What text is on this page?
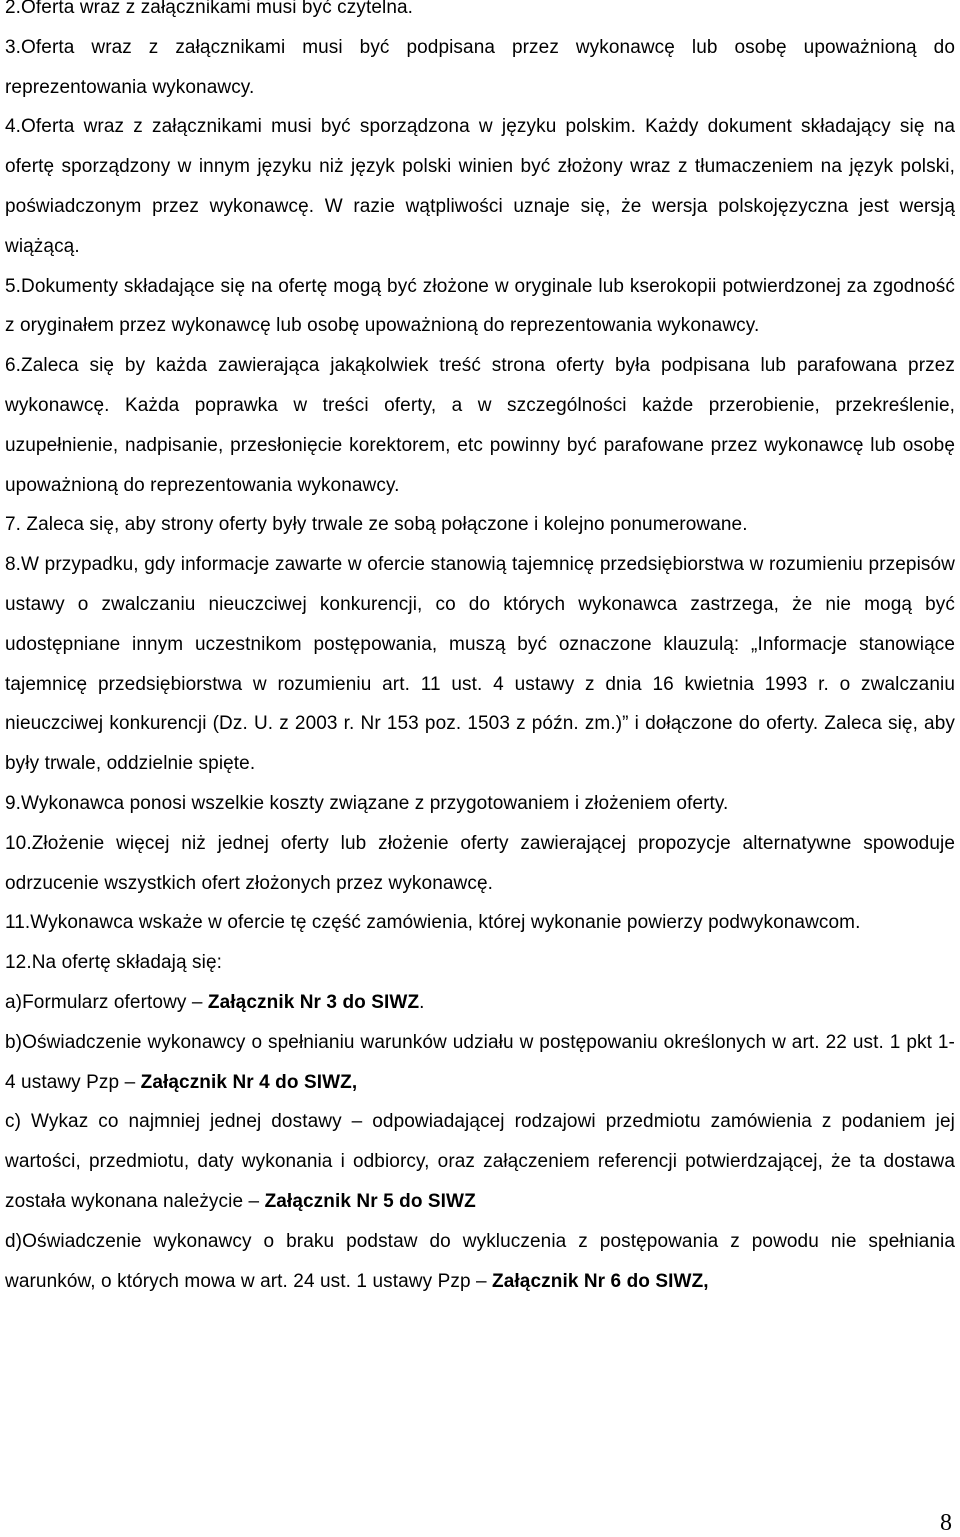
2.Oferta wraz z załącznikami musi być czytelna.

3.Oferta wraz z załącznikami musi być podpisana przez wykonawcę lub osobę upoważnioną do reprezentowania wykonawcy.

4.Oferta wraz z załącznikami musi być sporządzona w języku polskim. Każdy dokument składający się na ofertę sporządzony w innym języku niż język polski winien być złożony wraz z tłumaczeniem na język polski, poświadczonym przez wykonawcę. W razie wątpliwości uznaje się, że wersja polskojęzyczna jest wersją wiążącą.

5.Dokumenty składające się na ofertę mogą być złożone w oryginale lub kserokopii potwierdzonej za zgodność z oryginałem przez wykonawcę lub osobę upoważnioną do reprezentowania wykonawcy.

6.Zaleca się by każda zawierająca jakąkolwiek treść strona oferty była podpisana lub parafowana przez wykonawcę. Każda poprawka w treści oferty, a w szczególności każde przerobienie, przekreślenie, uzupełnienie, nadpisanie, przesłonięcie korektorem, etc powinny być parafowane przez wykonawcę lub osobę upoważnioną do reprezentowania wykonawcy.

7. Zaleca się, aby strony oferty były trwale ze sobą połączone i kolejno ponumerowane.

8.W przypadku, gdy informacje zawarte w ofercie stanowią tajemnicę przedsiębiorstwa w rozumieniu przepisów ustawy o zwalczaniu nieuczciwej konkurencji, co do których wykonawca zastrzega, że nie mogą być udostępniane innym uczestnikom postępowania, muszą być oznaczone klauzulą: „Informacje stanowiące tajemnicę przedsiębiorstwa w rozumieniu art. 11 ust. 4 ustawy z dnia 16 kwietnia 1993 r. o zwalczaniu nieuczciwej konkurencji (Dz. U. z 2003 r. Nr 153 poz. 1503 z późn. zm.)” i dołączone do oferty. Zaleca się, aby były trwale, oddzielnie spięte.

9.Wykonawca ponosi wszelkie koszty związane z przygotowaniem i złożeniem oferty.

10.Złożenie więcej niż jednej oferty lub złożenie oferty zawierającej propozycje alternatywne spowoduje odrzucenie wszystkich ofert złożonych przez wykonawcę.

11.Wykonawca wskaże w ofercie tę część zamówienia, której wykonanie powierzy podwykonawcom.

12.Na ofertę składają się:

a)Formularz ofertowy – Załącznik Nr 3 do SIWZ.

b)Oświadczenie wykonawcy o spełnianiu warunków udziału w postępowaniu określonych w art. 22 ust. 1 pkt 1-4 ustawy Pzp – Załącznik Nr 4 do SIWZ,

c) Wykaz co najmniej jednej dostawy – odpowiadającej rodzajowi przedmiotu zamówienia z podaniem jej wartości, przedmiotu, daty wykonania i odbiorcy, oraz załączeniem referencji potwierdzającej, że ta dostawa została wykonana należycie – Załącznik Nr 5 do SIWZ

d)Oświadczenie wykonawcy o braku podstaw do wykluczenia z postępowania z powodu nie spełniania warunków, o których mowa w art. 24 ust. 1 ustawy Pzp – Załącznik Nr 6 do SIWZ,

8
